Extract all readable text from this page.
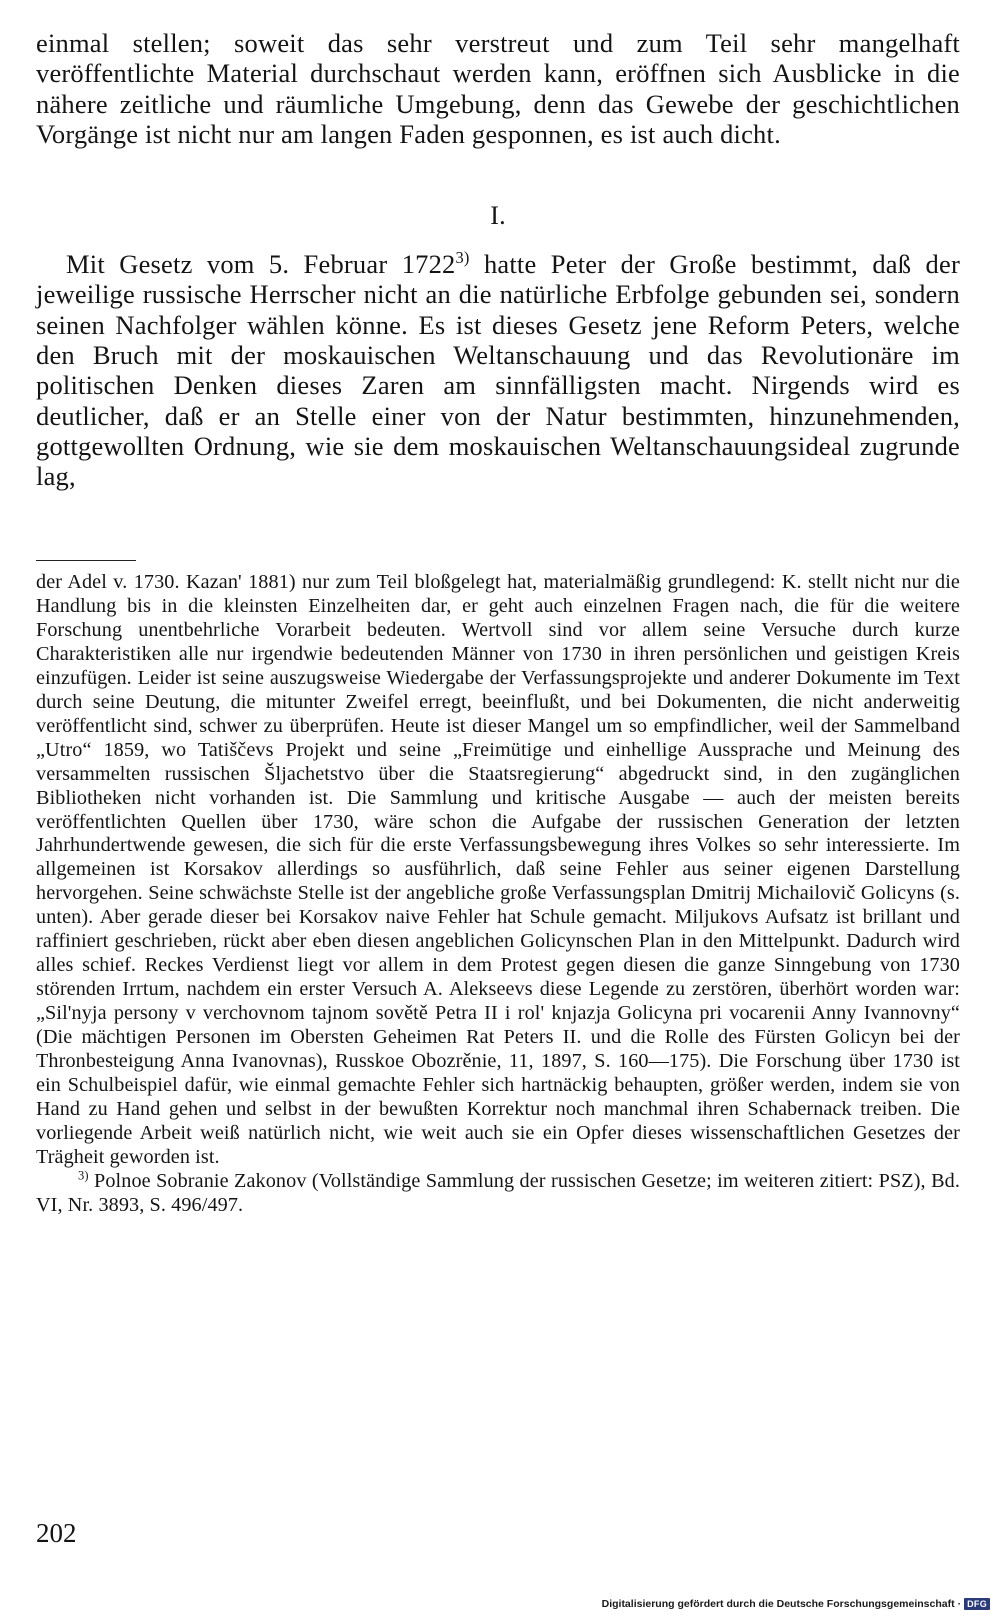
einmal stellen; soweit das sehr verstreut und zum Teil sehr mangelhaft veröffentlichte Material durchschaut werden kann, eröffnen sich Ausblicke in die nähere zeitliche und räumliche Umgebung, denn das Gewebe der geschichtlichen Vorgänge ist nicht nur am langen Faden gesponnen, es ist auch dicht.

I.

Mit Gesetz vom 5. Februar 1722$^{3)}$ hatte Peter der Große bestimmt, daß der jeweilige russische Herrscher nicht an die natürliche Erbfolge gebunden sei, sondern seinen Nachfolger wählen könne. Es ist dieses Gesetz jene Reform Peters, welche den Bruch mit der moskauischen Weltanschauung und das Revolutionäre im politischen Denken dieses Zaren am sinnfälligsten macht. Nirgends wird es deutlicher, daß er an Stelle einer von der Natur bestimmten, hinzunehmenden, gottgewollten Ordnung, wie sie dem moskauischen Weltanschauungsideal zugrunde lag,

der Adel v. 1730. Kazan' 1881) nur zum Teil bloßgelegt hat, materialmäßig grundlegend: K. stellt nicht nur die Handlung bis in die kleinsten Einzelheiten dar, er geht auch einzelnen Fragen nach, die für die weitere Forschung unentbehrliche Vorarbeit bedeuten. Wertvoll sind vor allem seine Versuche durch kurze Charakteristiken alle nur irgendwie bedeutenden Männer von 1730 in ihren persönlichen und geistigen Kreis einzufügen. Leider ist seine auszugsweise Wiedergabe der Verfassungsprojekte und anderer Dokumente im Text durch seine Deutung, die mitunter Zweifel erregt, beeinflußt, und bei Dokumenten, die nicht anderweitig veröffentlicht sind, schwer zu überprüfen. Heute ist dieser Mangel um so empfindlicher, weil der Sammelband „Utro“ 1859, wo Tatiščevs Projekt und seine „Freimütige und einhellige Aussprache und Meinung des versammelten russischen Šljachetstvo über die Staatsregierung“ abgedruckt sind, in den zugänglichen Bibliotheken nicht vorhanden ist. Die Sammlung und kritische Ausgabe — auch der meisten bereits veröffentlichten Quellen über 1730, wäre schon die Aufgabe der russischen Generation der letzten Jahrhundertwende gewesen, die sich für die erste Verfassungsbewegung ihres Volkes so sehr interessierte. Im allgemeinen ist Korsakov allerdings so ausführlich, daß seine Fehler aus seiner eigenen Darstellung hervorgehen. Seine schwächste Stelle ist der angebliche große Verfassungsplan Dmitrij Michailovič Golicyns (s. unten). Aber gerade dieser bei Korsakov naive Fehler hat Schule gemacht. Miljukovs Aufsatz ist brillant und raffiniert geschrieben, rückt aber eben diesen angeblichen Golicynschen Plan in den Mittelpunkt. Dadurch wird alles schief. Reckes Verdienst liegt vor allem in dem Protest gegen diesen die ganze Sinngebung von 1730 störenden Irrtum, nachdem ein erster Versuch A. Alekseevs diese Legende zu zerstören, überhört worden war: „Sil'nyja persony v verchovnom tajnom sovětě Petra II i rol' knjazja Golicyna pri vocarenii Anny Ivannovny“ (Die mächtigen Personen im Obersten Geheimen Rat Peters II. und die Rolle des Fürsten Golicyn bei der Thronbesteigung Anna Ivanovnas), Russkoe Obozrěnie, 11, 1897, S. 160—175). Die Forschung über 1730 ist ein Schulbeispiel dafür, wie einmal gemachte Fehler sich hartnäckig behaupten, größer werden, indem sie von Hand zu Hand gehen und selbst in der bewußten Korrektur noch manchmal ihren Schabernack treiben. Die vorliegende Arbeit weiß natürlich nicht, wie weit auch sie ein Opfer dieses wissenschaftlichen Gesetzes der Trägheit geworden ist.

$^{3)}$ Polnoe Sobranie Zakonov (Vollständige Sammlung der russischen Gesetze; im weiteren zitiert: PSZ), Bd. VI, Nr. 3893, S. 496/497.

202
Digitalisierung gefördert durch die Deutsche Forschungsgemeinschaft · DFG
